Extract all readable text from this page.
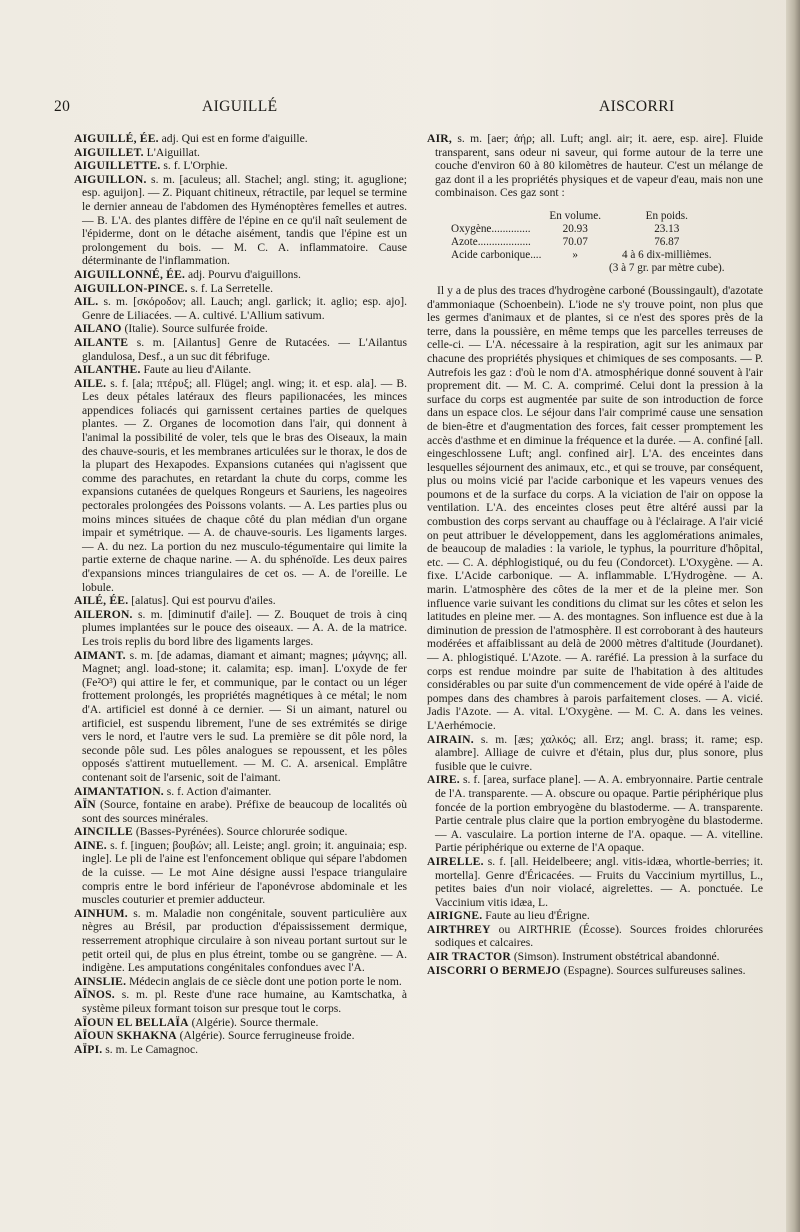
20	AIGUILLÉ	AISCORRI

AIGUILLÉ, ÉE. adj. Qui est en forme d'aiguille.

AIGUILLET. L'Aiguillat.

AIGUILLETTE. s. f. L'Orphie.

AIGUILLON. s. m. [aculeus; all. Stachel; angl. sting; it. aguglione; esp. aguijon]. — Z. Piquant chitineux, rétractile, par lequel se termine le dernier anneau de l'abdomen des Hyménoptères femelles et autres. — B. L'A. des plantes diffère de l'épine en ce qu'il naît seulement de l'épiderme, dont on le détache aisément, tandis que l'épine est un prolongement du bois. — M. C. A. inflammatoire. Cause déterminante de l'inflammation.

AIGUILLONNÉ, ÉE. adj. Pourvu d'aiguillons.

AIGUILLON-PINCE. s. f. La Serretelle.

AIL. s. m. [σκόροδον; all. Lauch; angl. garlick; it. aglio; esp. ajo]. Genre de Liliacées. — A. cultivé. L'Allium sativum.

AILANO (Italie). Source sulfurée froide.

AILANTE s. m. [Ailantus] Genre de Rutacées. — L'Ailantus glandulosa, Desf., a un suc dit fébrifuge.

AILANTHE. Faute au lieu d'Ailante.

AILE. s. f. [ala; πτέρυξ; all. Flügel; angl. wing; it. et esp. ala]. — B. Les deux pétales latéraux des fleurs papilionacées, les minces appendices foliacés qui garnissent certaines parties de quelques plantes. — Z. Organes de locomotion dans l'air, qui donnent à l'animal la possibilité de voler, tels que le bras des Oiseaux, la main des chauve-souris, et les membranes articulées sur le thorax, le dos de la plupart des Hexapodes. Expansions cutanées qui n'agissent que comme des parachutes, en retardant la chute du corps, comme les expansions cutanées de quelques Rongeurs et Sauriens, les nageoires pectorales prolongées des Poissons volants. — A. Les parties plus ou moins minces situées de chaque côté du plan médian d'un organe impair et symétrique. — A. de chauve-souris. Les ligaments larges. — A. du nez. La portion du nez musculo-tégumentaire qui limite la partie externe de chaque narine. — A. du sphénoïde. Les deux paires d'expansions minces triangulaires de cet os. — A. de l'oreille. Le lobule.

AILÉ, ÉE. [alatus]. Qui est pourvu d'ailes.

AILERON. s. m. [diminutif d'aile]. — Z. Bouquet de trois à cinq plumes implantées sur le pouce des oiseaux. — A. A. de la matrice. Les trois replis du bord libre des ligaments larges.

AIMANT. s. m. [de adamas, diamant et aimant; magnes; μάγνης; all. Magnet; angl. load-stone; it. calamita; esp. iman]. L'oxyde de fer (Fe²O³) qui attire le fer, et communique, par le contact ou un léger frottement prolongés, les propriétés magnétiques à ce métal; le nom d'A. artificiel est donné à ce dernier. — Si un aimant, naturel ou artificiel, est suspendu librement, l'une de ses extrémités se dirige vers le nord, et l'autre vers le sud. La première se dit pôle nord, la seconde pôle sud. Les pôles analogues se repoussent, et les pôles opposés s'attirent mutuellement. — M. C. A. arsenical. Emplâtre contenant soit de l'arsenic, soit de l'aimant.

AIMANTATION. s. f. Action d'aimanter.

AÏN (Source, fontaine en arabe). Préfixe de beaucoup de localités où sont des sources minérales.

AINCILLE (Basses-Pyrénées). Source chlorurée sodique.

AINE. s. f. [inguen; βουβών; all. Leiste; angl. groin; it. anguinaia; esp. ingle]. Le pli de l'aine est l'enfoncement oblique qui sépare l'abdomen de la cuisse. — Le mot Aine désigne aussi l'espace triangulaire compris entre le bord inférieur de l'aponévrose abdominale et les muscles couturier et premier adducteur.

AINHUM. s. m. Maladie non congénitale, souvent particulière aux nègres au Brésil, par production d'épaississement dermique, resserrement atrophique circulaire à son niveau portant surtout sur le petit orteil qui, de plus en plus étreint, tombe ou se gangrène. — A. indigène. Les amputations congénitales confondues avec l'A.

AINSLIE. Médecin anglais de ce siècle dont une potion porte le nom.

AÏNOS. s. m. pl. Reste d'une race humaine, au Kamtschatka, à système pileux formant toison sur presque tout le corps.

AÏOUN EL BELLAÏA (Algérie). Source thermale.

AÏOUN SKHAKNA (Algérie). Source ferrugineuse froide.

AÏPI. s. m. Le Camagnoc.

AIR, s. m. [aer; ἀήρ; all. Luft; angl. air; it. aere, esp. aire]. Fluide transparent, sans odeur ni saveur, qui forme autour de la terre une couche d'environ 60 à 80 kilomètres de hauteur. C'est un mélange de gaz dont il a les propriétés physiques et de vapeur d'eau, mais non une combinaison. Ces gaz sont :

	En volume.	En poids.
Oxygène..............	20.93	23.13
Azote...................	70.07	76.87
Acide carbonique....	»	4 à 6 dix-millièmes.
		(3 à 7 gr. par mètre cube).

Il y a de plus des traces d'hydrogène carboné (Boussingault), d'azotate d'ammoniaque (Schoenbein). L'iode ne s'y trouve point, non plus que les germes d'animaux et de plantes, si ce n'est des spores près de la terre, dans la poussière, en même temps que les parcelles terreuses de celle-ci. — L'A. nécessaire à la respiration, agit sur les animaux par chacune des propriétés physiques et chimiques de ses composants. — P. Autrefois les gaz : d'où le nom d'A. atmosphérique donné souvent à l'air proprement dit. — M. C. A. comprimé. Celui dont la pression à la surface du corps est augmentée par suite de son introduction de force dans un espace clos. Le séjour dans l'air comprimé cause une sensation de bien-être et d'augmentation des forces, fait cesser promptement les accès d'asthme et en diminue la fréquence et la durée. — A. confiné [all. eingeschlossene Luft; angl. confined air]. L'A. des enceintes dans lesquelles séjournent des animaux, etc., et qui se trouve, par conséquent, plus ou moins vicié par l'acide carbonique et les vapeurs venues des poumons et de la surface du corps. A la viciation de l'air on oppose la ventilation. L'A. des enceintes closes peut être altéré aussi par la combustion des corps servant au chauffage ou à l'éclairage. A l'air vicié on peut attribuer le développement, dans les agglomérations animales, de beaucoup de maladies : la variole, le typhus, la pourriture d'hôpital, etc. — C. A. déphlogistiqué, ou du feu (Condorcet). L'Oxygène. — A. fixe. L'Acide carbonique. — A. inflammable. L'Hydrogène. — A. marin. L'atmosphère des côtes de la mer et de la pleine mer. Son influence varie suivant les conditions du climat sur les côtes et selon les latitudes en pleine mer. — A. des montagnes. Son influence est due à la diminution de pression de l'atmosphère. Il est corroborant à des hauteurs modérées et affaiblissant au delà de 2000 mètres d'altitude (Jourdanet). — A. phlogistiqué. L'Azote. — A. raréfié. La pression à la surface du corps est rendue moindre par suite de l'habitation à des altitudes considérables ou par suite d'un commencement de vide opéré à l'aide de pompes dans des chambres à parois parfaitement closes. — A. vicié. Jadis l'Azote. — A. vital. L'Oxygène. — M. C. A. dans les veines. L'Aerhémocie.

AIRAIN. s. m. [æs; χαλκός; all. Erz; angl. brass; it. rame; esp. alambre]. Alliage de cuivre et d'étain, plus dur, plus sonore, plus fusible que le cuivre.

AIRE. s. f. [area, surface plane]. — A. A. embryonnaire. Partie centrale de l'A. transparente. — A. obscure ou opaque. Partie périphérique plus foncée de la portion embryogène du blastoderme. — A. transparente. Partie centrale plus claire que la portion embryogène du blastoderme. — A. vasculaire. La portion interne de l'A. opaque. — A. vitelline. Partie périphérique ou externe de l'A opaque.

AIRELLE. s. f. [all. Heidelbeere; angl. vitis-idæa, whortle-berries; it. mortella]. Genre d'Éricacées. — Fruits du Vaccinium myrtillus, L., petites baies d'un noir violacé, aigrelettes. — A. ponctuée. Le Vaccinium vitis idæa, L.

AIRIGNE. Faute au lieu d'Érigne.

AIRTHREY ou AIRTHRIE (Écosse). Sources froides chlorurées sodiques et calcaires.

AIR TRACTOR (Simson). Instrument obstétrical abandonné.

AISCORRI O BERMEJO (Espagne). Sources sulfureuses salines.
